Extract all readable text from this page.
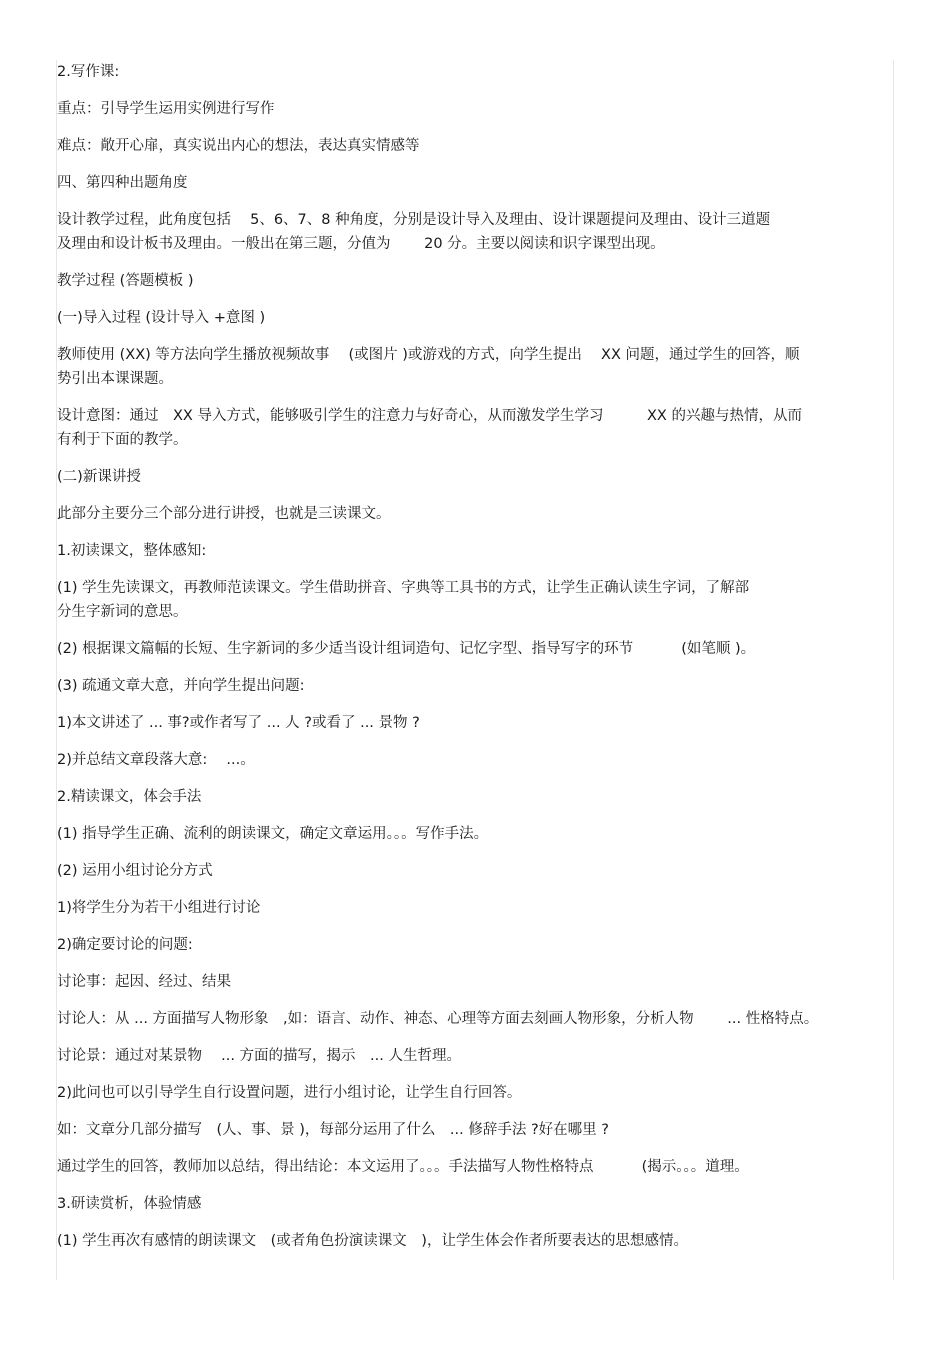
2.写作课:
重点：引导学生运用实例进行写作
难点：敞开心扉，真实说出内心的想法，表达真实情感等
四、第四种出题角度
设计教学过程，此角度包括　 5、6、7、8 种角度，分别是设计导入及理由、设计课题提问及理由、设计三道题
及理由和设计板书及理由。一般出在第三题，分值为　　 20 分。主要以阅读和识字课型出现。
教学过程 (答题模板 )
(一)导入过程 (设计导入 +意图 )
教师使用 (XX) 等方法向学生播放视频故事　 (或图片 )或游戏的方式，向学生提出　 XX 问题，通过学生的回答，顺
势引出本课课题。
设计意图：通过　XX 导入方式，能够吸引学生的注意力与好奇心，从而激发学生学习　　　XX 的兴趣与热情，从而
有利于下面的教学。
(二)新课讲授
此部分主要分三个部分进行讲授，也就是三读课文。
1.初读课文，整体感知:
(1) 学生先读课文，再教师范读课文。学生借助拼音、字典等工具书的方式，让学生正确认读生字词，了解部
分生字新词的意思。
(2) 根据课文篇幅的长短、生字新词的多少适当设计组词造句、记忆字型、指导写字的环节　　　 (如笔顺 )。
(3) 疏通文章大意，并向学生提出问题:
1)本文讲述了 ... 事?或作者写了 ... 人 ?或看了 ... 景物 ?
2)并总结文章段落大意:　 ...。
2.精读课文，体会手法
(1) 指导学生正确、流利的朗读课文，确定文章运用。。。写作手法。
(2) 运用小组讨论分方式
1)将学生分为若干小组进行讨论
2)确定要讨论的问题:
讨论事：起因、经过、结果
讨论人：从 ... 方面描写人物形象　,如：语言、动作、神态、心理等方面去刻画人物形象，分析人物　　 ... 性格特点。
讨论景：通过对某景物　 ... 方面的描写，揭示　... 人生哲理。
2)此问也可以引导学生自行设置问题，进行小组讨论，让学生自行回答。
如：文章分几部分描写　(人、事、景 )，每部分运用了什么　... 修辞手法 ?好在哪里 ?
通过学生的回答，教师加以总结，得出结论：本文运用了。。。手法描写人物性格特点　　　 (揭示。。。道理。
3.研读赏析，体验情感
(1) 学生再次有感情的朗读课文　(或者角色扮演读课文　)，让学生体会作者所要表达的思想感情。
